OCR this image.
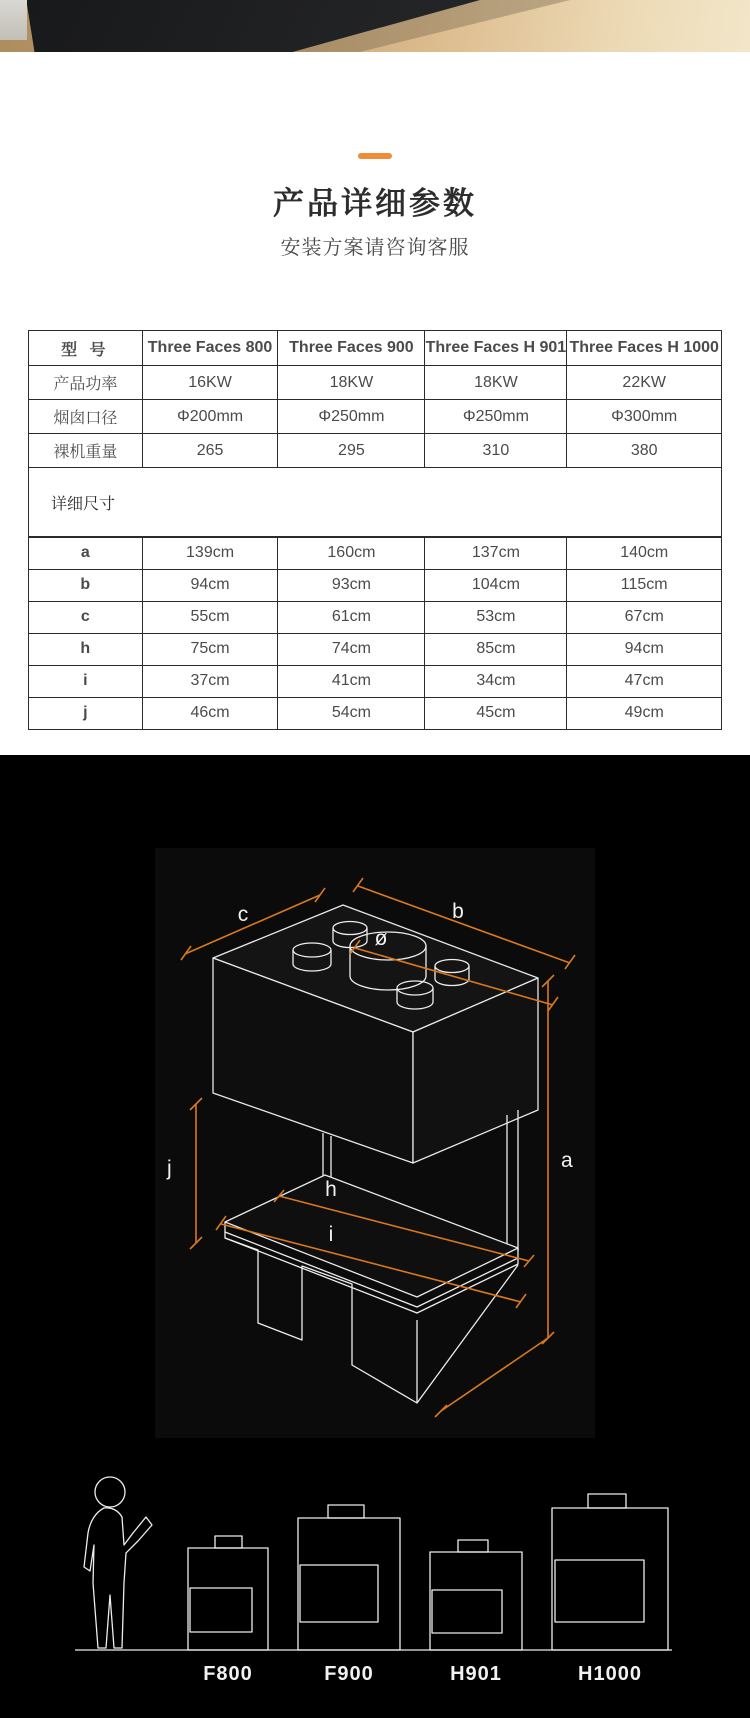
产品详细参数
安装方案请咨询客服
型 号	Three Faces 800	Three Faces 900	Three Faces H 901	Three Faces H 1000
产品功率	16KW	18KW	18KW	22KW
烟囱口径	Φ200mm	Φ250mm	Φ250mm	Φ300mm
裸机重量	265	295	310	380
详细尺寸
a	139cm	160cm	137cm	140cm
b	94cm	93cm	104cm	115cm
c	55cm	61cm	53cm	67cm
h	75cm	74cm	85cm	94cm
i	37cm	41cm	34cm	47cm
j	46cm	54cm	45cm	49cm
c	b
ø
a
j
h
i
F800	F900	H901	H1000
